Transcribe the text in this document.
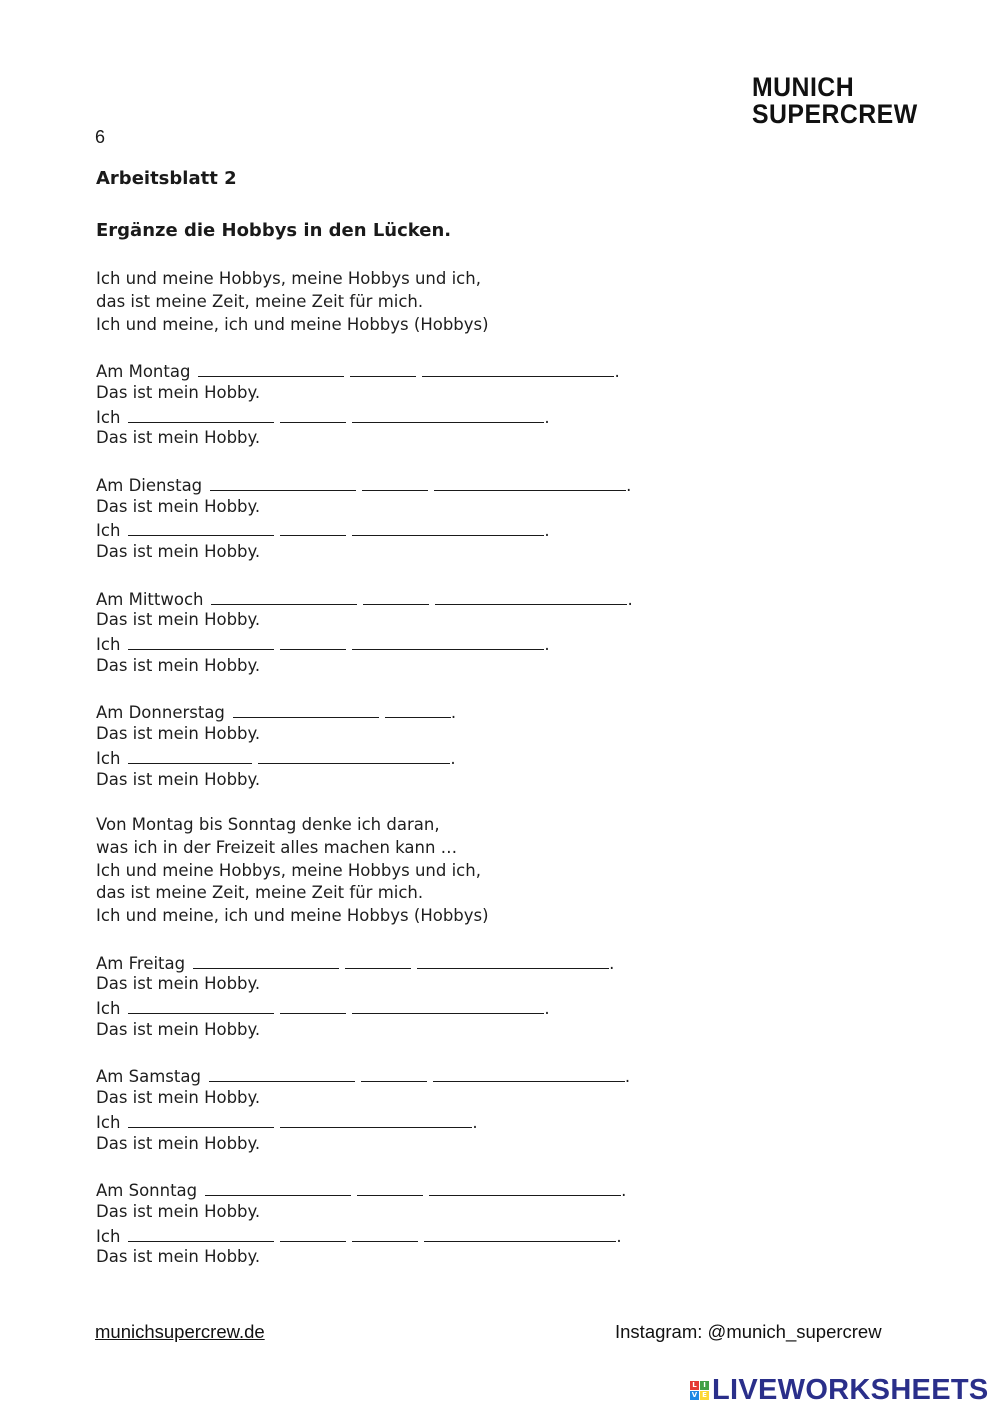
MUNICH
SUPERCREW
6
Arbeitsblatt 2
Ergänze die Hobbys in den Lücken.
Ich und meine Hobbys, meine Hobbys und ich,
das ist meine Zeit, meine Zeit für mich.
Ich und meine, ich und meine Hobbys (Hobbys)
Am Montag	.
Das ist mein Hobby.
Ich	.
Das ist mein Hobby.
Am Dienstag	.
Das ist mein Hobby.
Ich	.
Das ist mein Hobby.
Am Mittwoch	.
Das ist mein Hobby.
Ich	.
Das ist mein Hobby.
Am Donnerstag	.
Das ist mein Hobby.
Ich	.
Das ist mein Hobby.
Von Montag bis Sonntag denke ich daran,
was ich in der Freizeit alles machen kann …
Ich und meine Hobbys, meine Hobbys und ich,
das ist meine Zeit, meine Zeit für mich.
Ich und meine, ich und meine Hobbys (Hobbys)
Am Freitag	.
Das ist mein Hobby.
Ich	.
Das ist mein Hobby.
Am Samstag	.
Das ist mein Hobby.
Ich	.
Das ist mein Hobby.
Am Sonntag	.
Das ist mein Hobby.
Ich	.
Das ist mein Hobby.
munichsupercrew.de	Instagram: @munich_supercrew
L I
V E LIVEWORKSHEETS
